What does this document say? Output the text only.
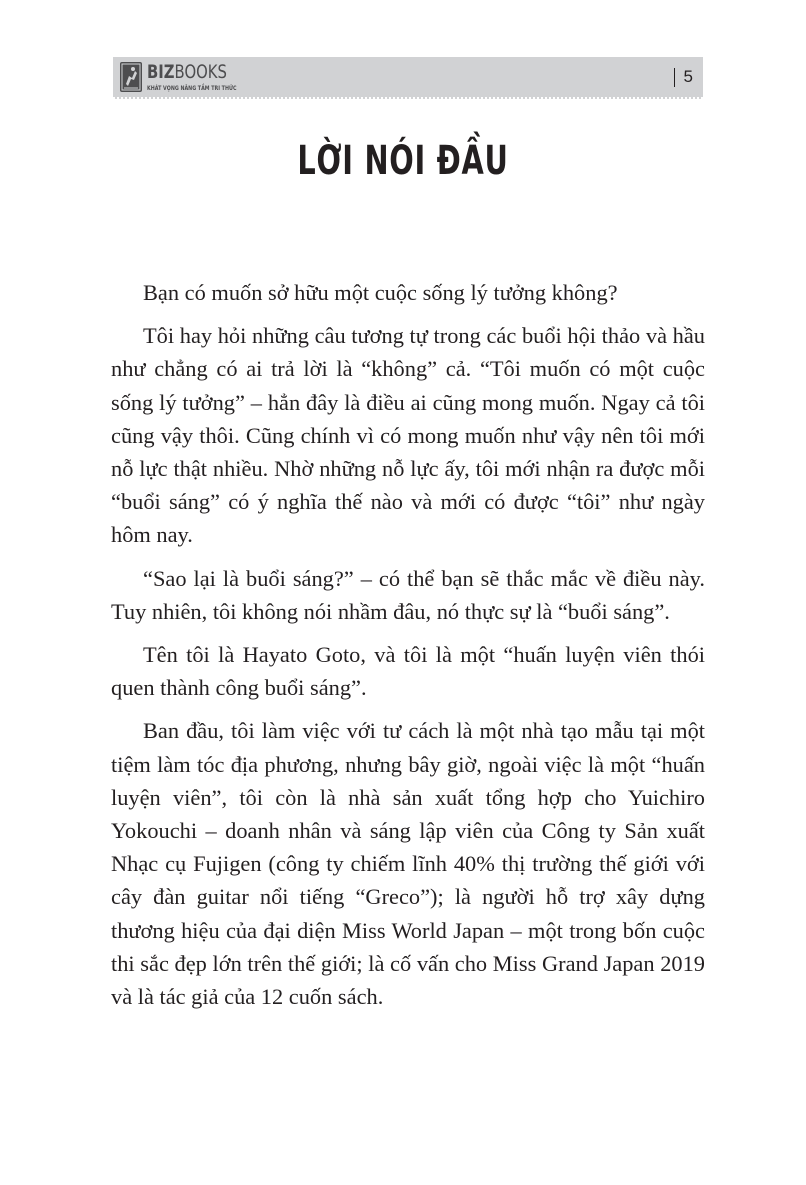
BIZBOOKS
KHÁT VỌNG NÂNG TẦM TRI THỨC
5
LỜI NÓI ĐẦU

Bạn có muốn sở hữu một cuộc sống lý tưởng không?

Tôi hay hỏi những câu tương tự trong các buổi hội thảo và hầu như chẳng có ai trả lời là “không” cả. “Tôi muốn có một cuộc sống lý tưởng” – hẳn đây là điều ai cũng mong muốn. Ngay cả tôi cũng vậy thôi. Cũng chính vì có mong muốn như vậy nên tôi mới nỗ lực thật nhiều. Nhờ những nỗ lực ấy, tôi mới nhận ra được mỗi “buổi sáng” có ý nghĩa thế nào và mới có được “tôi” như ngày hôm nay.

“Sao lại là buổi sáng?” – có thể bạn sẽ thắc mắc về điều này. Tuy nhiên, tôi không nói nhầm đâu, nó thực sự là “buổi sáng”.

Tên tôi là Hayato Goto, và tôi là một “huấn luyện viên thói quen thành công buổi sáng”.

Ban đầu, tôi làm việc với tư cách là một nhà tạo mẫu tại một tiệm làm tóc địa phương, nhưng bây giờ, ngoài việc là một “huấn luyện viên”, tôi còn là nhà sản xuất tổng hợp cho Yuichiro Yokouchi – doanh nhân và sáng lập viên của Công ty Sản xuất Nhạc cụ Fujigen (công ty chiếm lĩnh 40% thị trường thế giới với cây đàn guitar nổi tiếng “Greco”); là người hỗ trợ xây dựng thương hiệu của đại diện Miss World Japan – một trong bốn cuộc thi sắc đẹp lớn trên thế giới; là cố vấn cho Miss Grand Japan 2019 và là tác giả của 12 cuốn sách.
